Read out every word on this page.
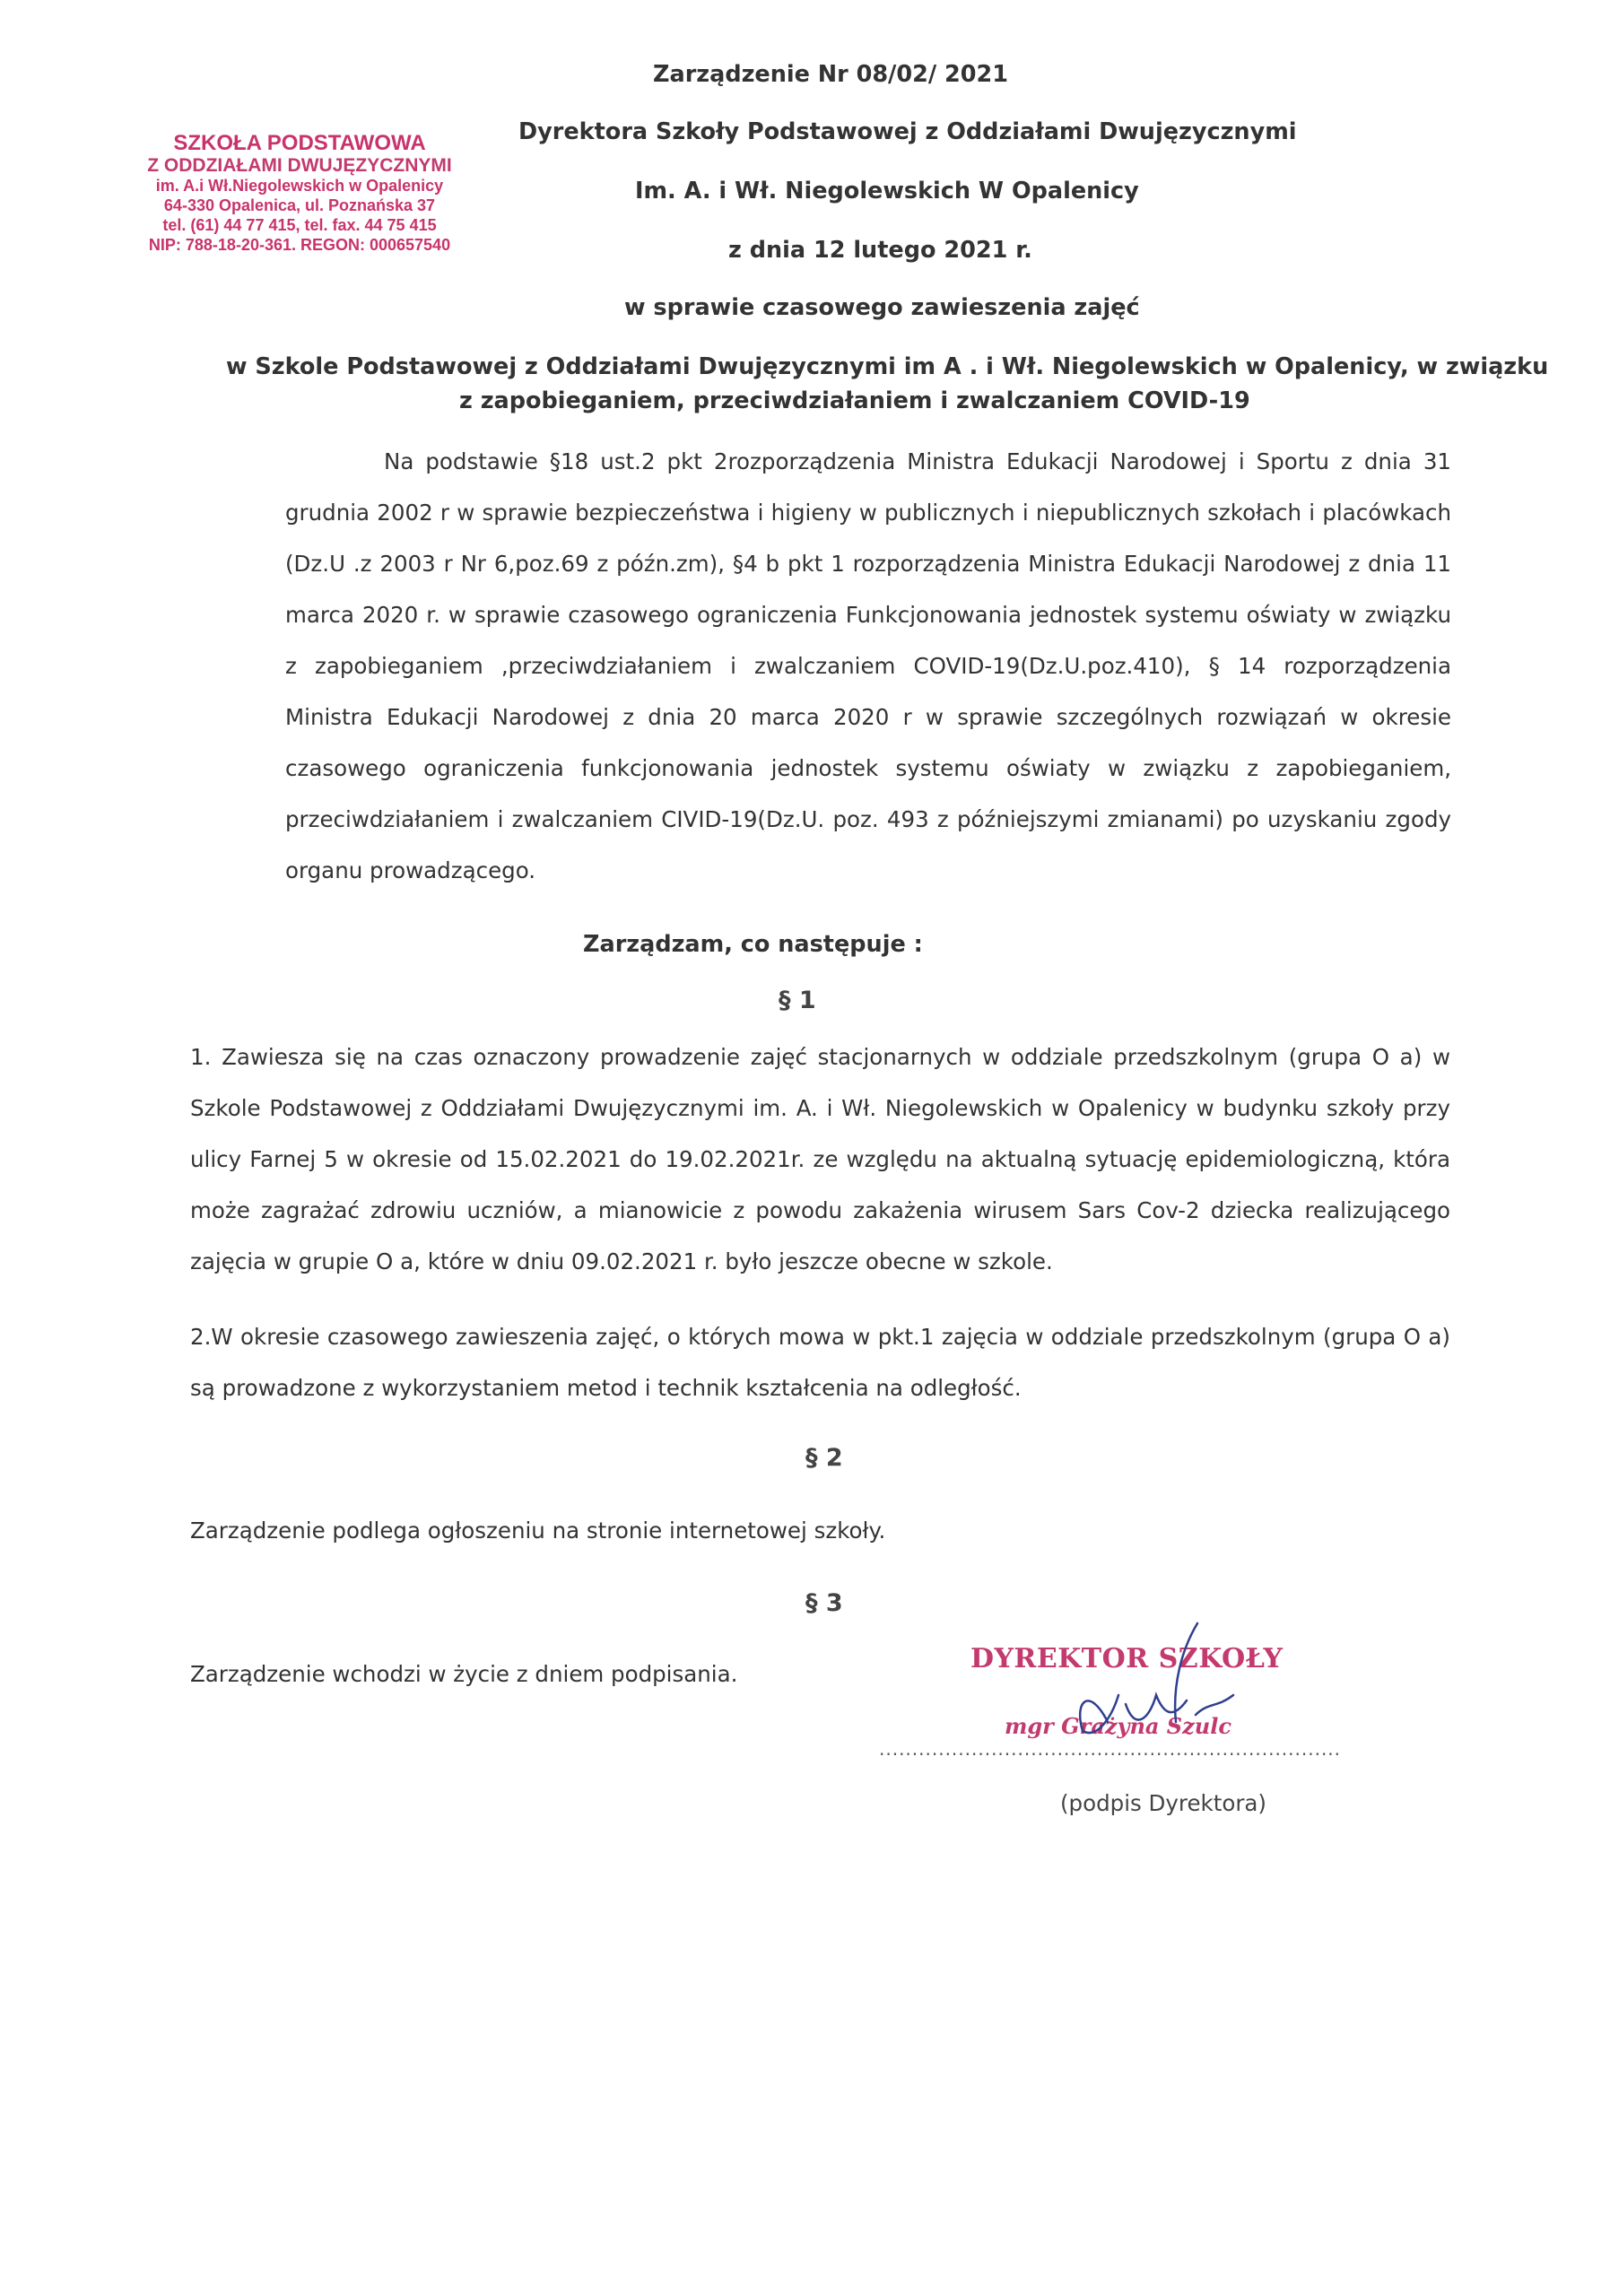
SZKOŁA PODSTAWOWA
Z ODDZIAŁAMI DWUJĘZYCZNYMI
im. A.i Wł.Niegolewskich w Opalenicy
64-330 Opalenica, ul. Poznańska 37
tel. (61) 44 77 415, tel. fax. 44 75 415
NIP: 788-18-20-361. REGON: 000657540
Zarządzenie Nr 08/02/ 2021
Dyrektora Szkoły Podstawowej z Oddziałami Dwujęzycznymi
Im. A. i Wł. Niegolewskich W Opalenicy
z dnia 12 lutego 2021 r.
w sprawie czasowego zawieszenia zajęć
w Szkole Podstawowej z Oddziałami Dwujęzycznymi im A . i Wł. Niegolewskich w Opalenicy, w związku
z zapobieganiem, przeciwdziałaniem i zwalczaniem COVID-19

Na podstawie §18 ust.2 pkt 2rozporządzenia Ministra Edukacji Narodowej i Sportu z dnia 31 grudnia 2002 r w sprawie bezpieczeństwa i higieny w publicznych i niepublicznych szkołach i placówkach (Dz.U .z 2003 r Nr 6,poz.69 z późn.zm), §4 b pkt 1 rozporządzenia Ministra Edukacji Narodowej z dnia 11 marca 2020 r. w sprawie czasowego ograniczenia Funkcjonowania jednostek systemu oświaty w związku z zapobieganiem ,przeciwdziałaniem i zwalczaniem COVID-19(Dz.U.poz.410), § 14 rozporządzenia Ministra Edukacji Narodowej z dnia 20 marca 2020 r w sprawie szczególnych rozwiązań w okresie czasowego ograniczenia funkcjonowania jednostek systemu oświaty w związku z zapobieganiem, przeciwdziałaniem i zwalczaniem CIVID-19(Dz.U. poz. 493 z późniejszymi zmianami) po uzyskaniu zgody organu prowadzącego.

Zarządzam, co następuje :
§ 1

1. Zawiesza się na czas oznaczony prowadzenie zajęć stacjonarnych w oddziale przedszkolnym (grupa O a) w Szkole Podstawowej z Oddziałami Dwujęzycznymi im. A. i Wł. Niegolewskich w Opalenicy w budynku szkoły przy ulicy Farnej 5 w okresie od 15.02.2021 do 19.02.2021r. ze względu na aktualną sytuację epidemiologiczną, która może zagrażać zdrowiu uczniów, a mianowicie z powodu zakażenia wirusem Sars Cov-2 dziecka realizującego zajęcia w grupie O a, które w dniu 09.02.2021 r. było jeszcze obecne w szkole.

2.W okresie czasowego zawieszenia zajęć, o których mowa w pkt.1 zajęcia w oddziale przedszkolnym (grupa O a) są prowadzone z wykorzystaniem metod i technik kształcenia na odległość.

§ 2
Zarządzenie podlega ogłoszeniu na stronie internetowej szkoły.
§ 3
Zarządzenie wchodzi w życie z dniem podpisania.	DYREKTOR SZKOŁY
mgr Grażyna Szulc
......................................................................
(podpis Dyrektora)
